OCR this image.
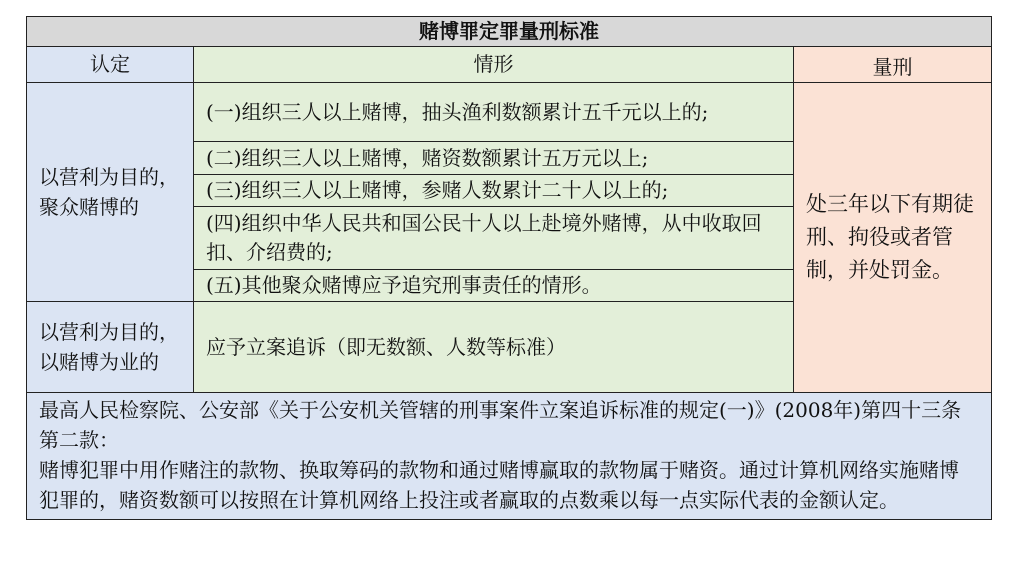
赌博罪定罪量刑标准		
认定	情形	量刑
以营利为目的，聚众赌博的	(一)组织三人以上赌博，抽头渔利数额累计五千元以上的;	处三年以下有期徒刑、拘役或者管制，并处罚金。
	(二)组织三人以上赌博，赌资数额累计五万元以上;	
	(三)组织三人以上赌博，参赌人数累计二十人以上的;	
	(四)组织中华人民共和国公民十人以上赴境外赌博，从中收取回扣、介绍费的;	
	(五)其他聚众赌博应予追究刑事责任的情形。	
以营利为目的，以赌博为业的	应予立案追诉（即无数额、人数等标准）	

最高人民检察院、公安部《关于公安机关管辖的刑事案件立案追诉标准的规定(一)》(2008年)第四十三条第二款：

赌博犯罪中用作赌注的款物、换取筹码的款物和通过赌博赢取的款物属于赌资。通过计算机网络实施赌博犯罪的，赌资数额可以按照在计算机网络上投注或者赢取的点数乘以每一点实际代表的金额认定。		
